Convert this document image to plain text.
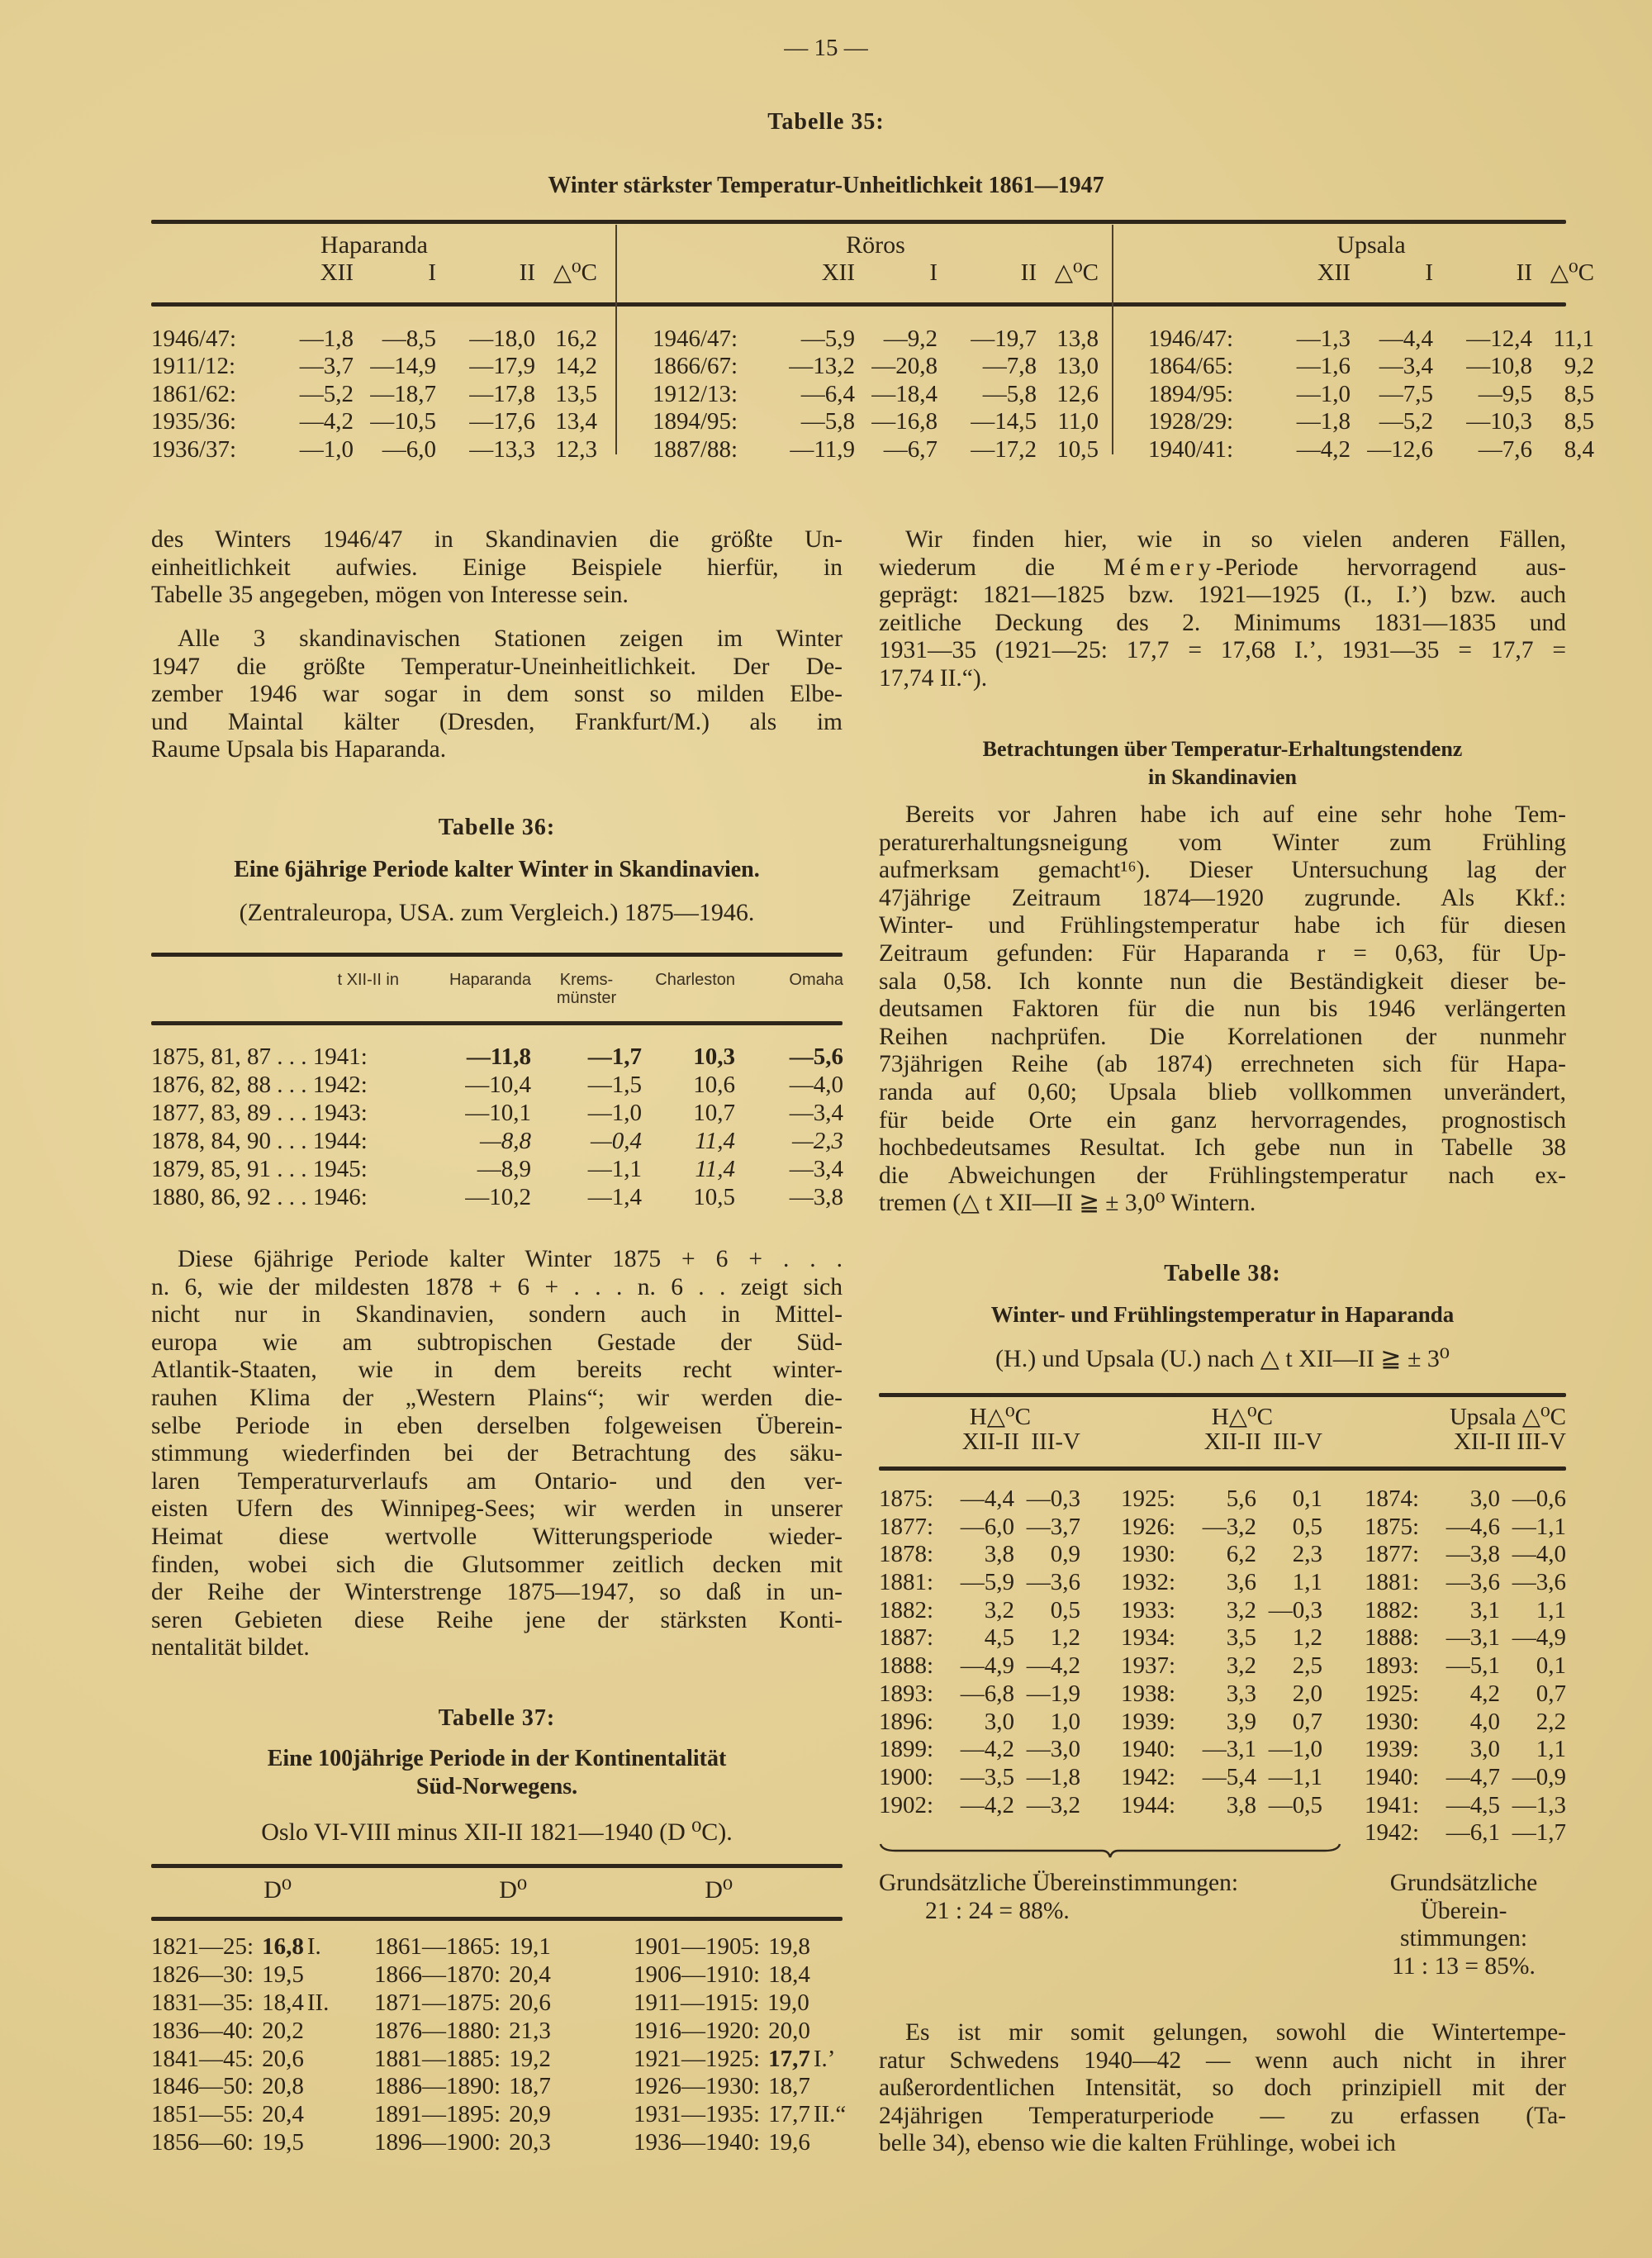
— 15 —
Tabelle 35:
Winter stärkster Temperatur-Unheitlichkeit 1861—1947
Haparanda
XII	I	II △⁰C
1946/47:	—1,8	—8,5	—18,0 16,2
1911/12:	—3,7 —14,9	—17,9 14,2
1861/62:	—5,2 —18,7	—17,8 13,5
1935/36:	—4,2 —10,5	—17,6 13,4
1936/37:	—1,0	—6,0	—13,3 12,3
Röros
XII	I	II △⁰C
1946/47:	—5,9	—9,2	—19,7 13,8
1866/67:	—13,2 —20,8	—7,8 13,0
1912/13:	—6,4 —18,4	—5,8 12,6
1894/95:	—5,8 —16,8	—14,5 11,0
1887/88:	—11,9	—6,7	—17,2 10,5
Upsala
XII	I	II △⁰C
1946/47:	—1,3	—4,4	—12,4 11,1
1864/65:	—1,6	—3,4	—10,8	9,2
1894/95:	—1,0	—7,5	—9,5	8,5
1928/29:	—1,8	—5,2	—10,3	8,5
1940/41:	—4,2 —12,6	—7,6	8,4
des Winters 1946/47 in Skandinavien die größte Un-
einheitlichkeit aufwies. Einige Beispiele hierfür, in
Tabelle 35 angegeben, mögen von Interesse sein.
Alle 3 skandinavischen Stationen zeigen im Winter
1947 die größte Temperatur-Uneinheitlichkeit. Der De-
zember 1946 war sogar in dem sonst so milden Elbe-
und Maintal kälter (Dresden, Frankfurt/M.) als im
Raume Upsala bis Haparanda.
Tabelle 36:
Eine 6jährige Periode kalter Winter in Skandinavien.
(Zentraleuropa, USA. zum Vergleich.) 1875—1946.
t XII-II in	Haparanda	Krems-
münster
Charleston	Omaha
1875, 81, 87 . . . 1941:	—11,8	—1,7	10,3	—5,6
1876, 82, 88 . . . 1942:	—10,4	—1,5	10,6	—4,0
1877, 83, 89 . . . 1943:	—10,1	—1,0	10,7	—3,4
1878, 84, 90 . . . 1944:	—8,8	—0,4	11,4	—2,3
1879, 85, 91 . . . 1945:	—8,9	—1,1	11,4	—3,4
1880, 86, 92 . . . 1946:	—10,2	—1,4	10,5	—3,8
Diese 6jährige Periode kalter Winter 1875 + 6 + . . .
n. 6, wie der mildesten 1878 + 6 + . . . n. 6 . . zeigt sich
nicht nur in Skandinavien, sondern auch in Mittel-
europa wie am subtropischen Gestade der Süd-
Atlantik-Staaten, wie in dem bereits recht winter-
rauhen Klima der „Western Plains“; wir werden die-
selbe Periode in eben derselben folgeweisen Überein-
stimmung wiederfinden bei der Betrachtung des säku-
laren Temperaturverlaufs am Ontario- und den ver-
eisten Ufern des Winnipeg-Sees; wir werden in unserer
Heimat diese wertvolle Witterungsperiode wieder-
finden, wobei sich die Glutsommer zeitlich decken mit
der Reihe der Winterstrenge 1875—1947, so daß in un-
seren Gebieten diese Reihe jene der stärksten Konti-
nentalität bildet.
Tabelle 37:
Eine 100jährige Periode in der Kontinentalität
Süd-Norwegens.
Oslo VI-VIII minus XII-II 1821—1940 (D ⁰C).
D⁰
1821—25: 16,8 I.
1826—30: 19,5
1831—35: 18,4 II.
1836—40: 20,2
1841—45: 20,6
1846—50: 20,8
1851—55: 20,4
1856—60: 19,5
D⁰
1861—1865: 19,1
1866—1870: 20,4
1871—1875: 20,6
1876—1880: 21,3
1881—1885: 19,2
1886—1890: 18,7
1891—1895: 20,9
1896—1900: 20,3
D⁰
1901—1905: 19,8
1906—1910: 18,4
1911—1915: 19,0
1916—1920: 20,0
1921—1925: 17,7 I.’
1926—1930: 18,7
1931—1935: 17,7 II.“
1936—1940: 19,6
Wir finden hier, wie in so vielen anderen Fällen,
wiederum die Mémery-Periode hervorragend aus-
geprägt: 1821—1825 bzw. 1921—1925 (I., I.’) bzw. auch
zeitliche Deckung des 2. Minimums 1831—1835 und
1931—35 (1921—25: 17,7 = 17,68 I.’, 1931—35 = 17,7 =
17,74 II.“).
Betrachtungen über Temperatur-Erhaltungstendenz
in Skandinavien
Bereits vor Jahren habe ich auf eine sehr hohe Tem-
peraturerhaltungsneigung vom Winter zum Frühling
aufmerksam gemacht¹⁶). Dieser Untersuchung lag der
47jährige Zeitraum 1874—1920 zugrunde. Als Kkf.:
Winter- und Frühlingstemperatur habe ich für diesen
Zeitraum gefunden: Für Haparanda r = 0,63, für Up-
sala 0,58. Ich konnte nun die Beständigkeit dieser be-
deutsamen Faktoren für die nun bis 1946 verlängerten
Reihen nachprüfen. Die Korrelationen der nunmehr
73jährigen Reihe (ab 1874) errechneten sich für Hapa-
randa auf 0,60; Upsala blieb vollkommen unverändert,
für beide Orte ein ganz hervorragendes, prognostisch
hochbedeutsames Resultat. Ich gebe nun in Tabelle 38
die Abweichungen der Frühlingstemperatur nach ex-
tremen (△ t XII—II ≧ ± 3,0⁰ Wintern.
Tabelle 38:
Winter- und Frühlingstemperatur in Haparanda
(H.) und Upsala (U.) nach △ t XII—II ≧ ± 3⁰
H△⁰C
XII-II  III-V
1875:	—4,4 —0,3
1877:	—6,0 —3,7
1878:	3,8	0,9
1881:	—5,9 —3,6
1882:	3,2	0,5
1887:	4,5	1,2
1888:	—4,9 —4,2
1893:	—6,8 —1,9
1896:	3,0	1,0
1899:	—4,2 —3,0
1900:	—3,5 —1,8
1902:	—4,2 —3,2
H△⁰C
XII-II  III-V
1925:	5,6	0,1
1926:	—3,2	0,5
1930:	6,2	2,3
1932:	3,6	1,1
1933:	3,2 —0,3
1934:	3,5	1,2
1937:	3,2	2,5
1938:	3,3	2,0
1939:	3,9	0,7
1940:	—3,1 —1,0
1942:	—5,4 —1,1
1944:	3,8 —0,5
Upsala △⁰C
XII-II III-V
1874:	3,0 —0,6
1875:	—4,6 —1,1
1877:	—3,8 —4,0
1881:	—3,6 —3,6
1882:	3,1	1,1
1888:	—3,1 —4,9
1893:	—5,1	0,1
1925:	4,2	0,7
1930:	4,0	2,2
1939:	3,0	1,1
1940:	—4,7 —0,9
1941:	—4,5 —1,3
1942:	—6,1 —1,7
Grundsätzliche Übereinstimmungen:
21 : 24 = 88%.
Grundsätzliche
Überein-
stimmungen:
11 : 13 = 85%.
Es ist mir somit gelungen, sowohl die Wintertempe-
ratur Schwedens 1940—42 — wenn auch nicht in ihrer
außerordentlichen Intensität, so doch prinzipiell mit der
24jährigen Temperaturperiode — zu erfassen (Ta-
belle 34), ebenso wie die kalten Frühlinge, wobei ich
